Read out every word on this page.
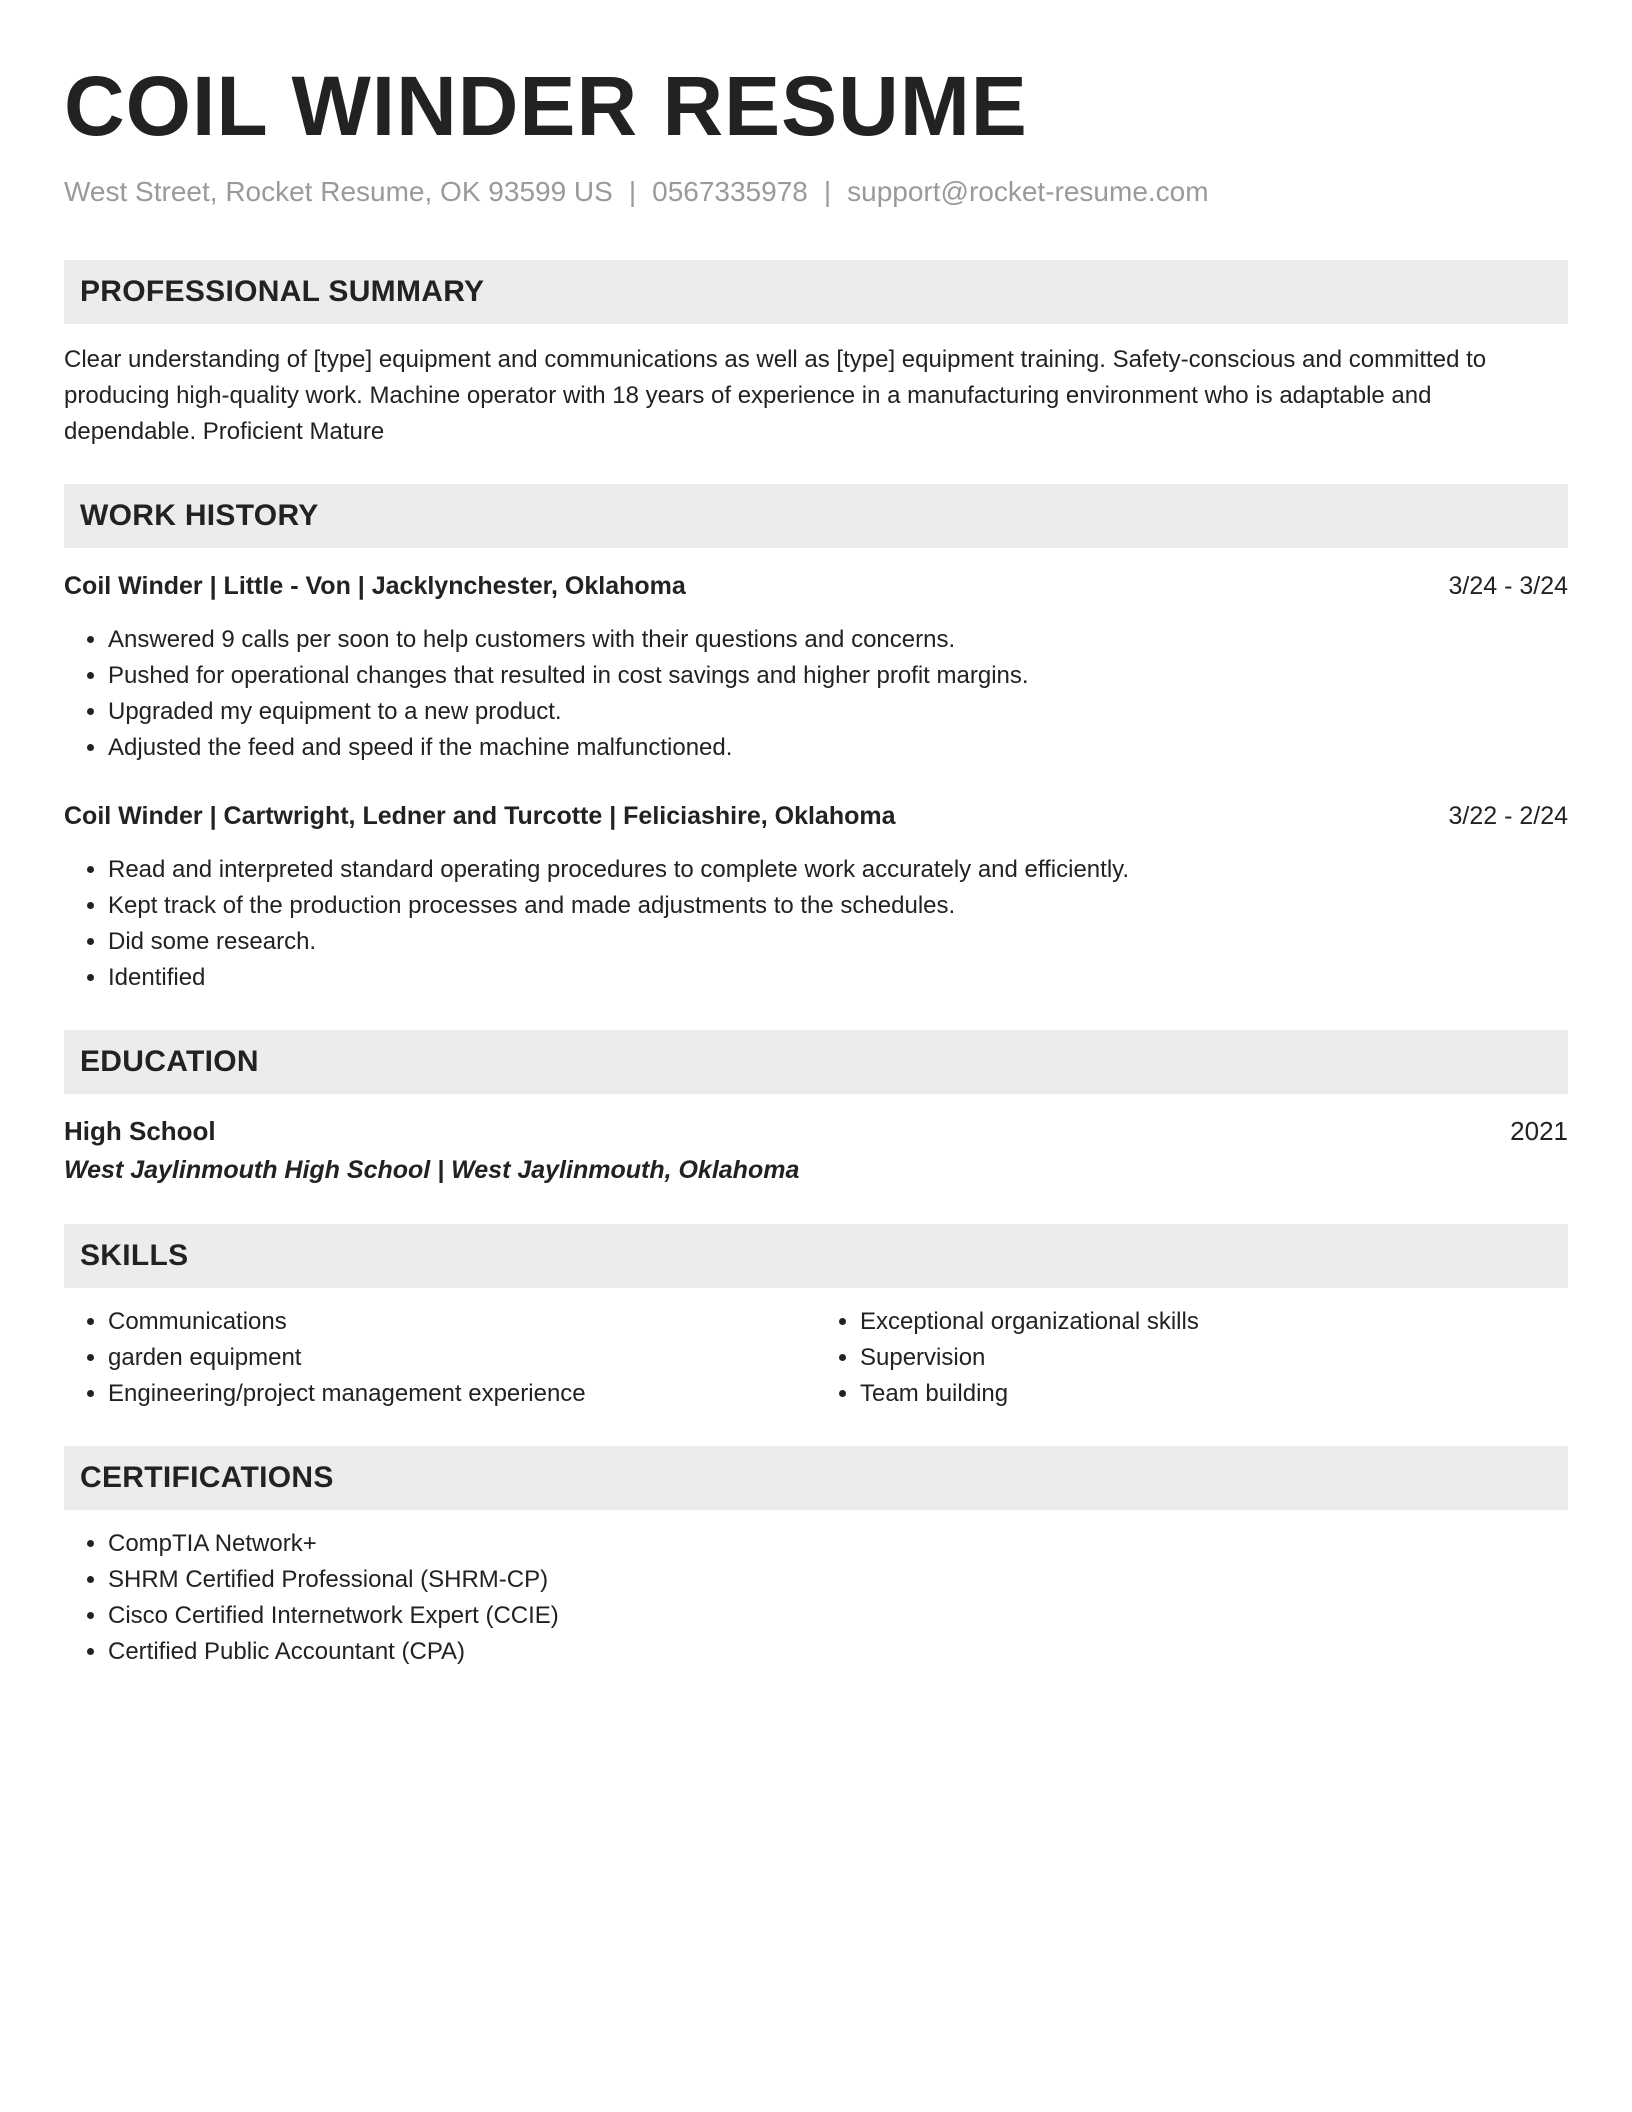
COIL WINDER RESUME
West Street, Rocket Resume, OK 93599 US | 0567335978 | support@rocket-resume.com
PROFESSIONAL SUMMARY
Clear understanding of [type] equipment and communications as well as [type] equipment training. Safety-conscious and committed to producing high-quality work. Machine operator with 18 years of experience in a manufacturing environment who is adaptable and dependable. Proficient Mature
WORK HISTORY
Coil Winder | Little - Von | Jacklynchester, Oklahoma	3/24 - 3/24
• Answered 9 calls per soon to help customers with their questions and concerns.
• Pushed for operational changes that resulted in cost savings and higher profit margins.
• Upgraded my equipment to a new product.
• Adjusted the feed and speed if the machine malfunctioned.
Coil Winder | Cartwright, Ledner and Turcotte | Feliciashire, Oklahoma	3/22 - 2/24
• Read and interpreted standard operating procedures to complete work accurately and efficiently.
• Kept track of the production processes and made adjustments to the schedules.
• Did some research.
• Identified
EDUCATION
High School	2021
West Jaylinmouth High School | West Jaylinmouth, Oklahoma
SKILLS
• Communications
• garden equipment
• Engineering/project management experience
• Exceptional organizational skills
• Supervision
• Team building
CERTIFICATIONS
• CompTIA Network+
• SHRM Certified Professional (SHRM-CP)
• Cisco Certified Internetwork Expert (CCIE)
• Certified Public Accountant (CPA)
